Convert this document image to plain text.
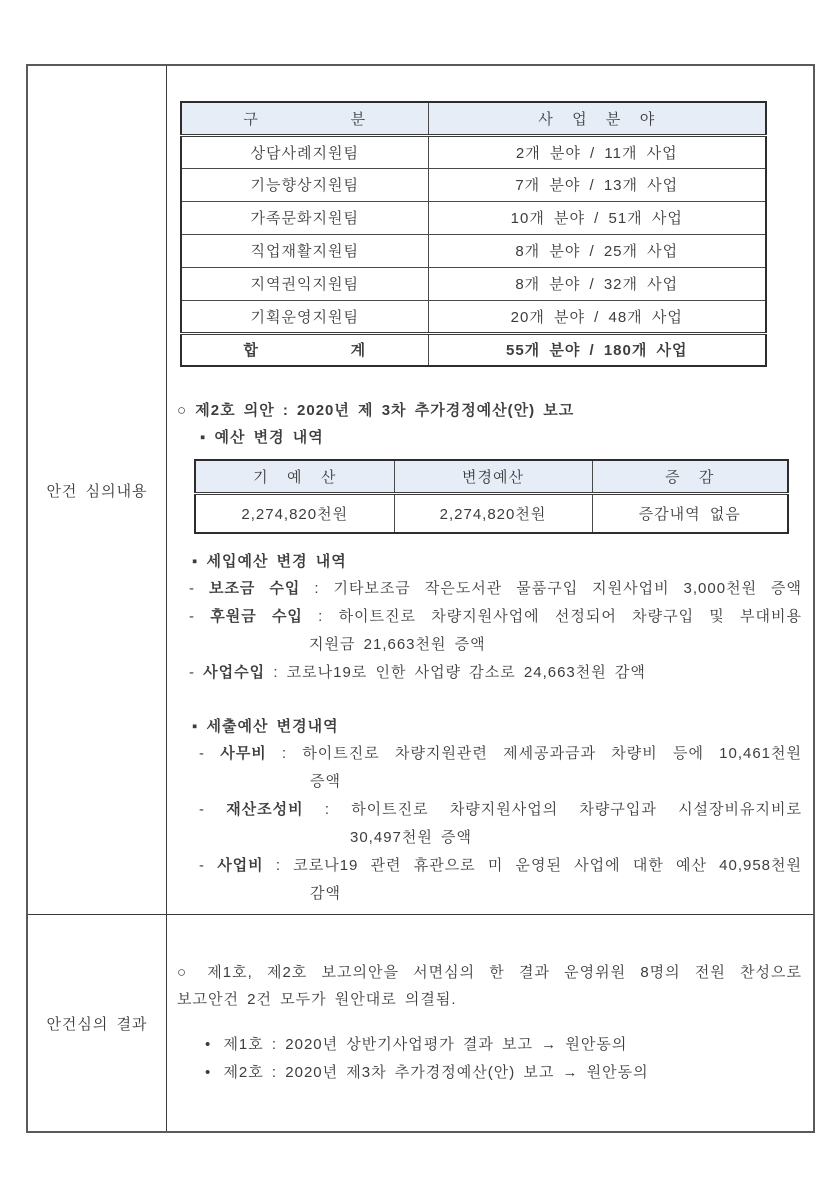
안건 심의내용
구          분	사  업  분  야
상담사례지원팀	2개 분야 / 11개 사업
기능향상지원팀	7개 분야 / 13개 사업
가족문화지원팀	10개 분야 / 51개 사업
직업재활지원팀	8개 분야 / 25개 사업
지역권익지원팀	8개 분야 / 32개 사업
기획운영지원팀	20개 분야 / 48개 사업
합          계	55개 분야 / 180개 사업
○ 제2호 의안 : 2020년 제 3차 추가경정예산(안) 보고
▪ 예산 변경 내역
기  예  산	변경예산	증  감
2,274,820천원	2,274,820천원	증감내역 없음
▪ 세입예산 변경 내역
- 보조금 수입 : 기타보조금 작은도서관 물품구입 지원사업비 3,000천원 증액
- 후원금 수입 : 하이트진로 차량지원사업에 선정되어 차량구입 및 부대비용
지원금 21,663천원 증액
- 사업수입 : 코로나19로 인한 사업량 감소로 24,663천원 감액
▪ 세출예산 변경내역
- 사무비 : 하이트진로 차량지원관련 제세공과금과 차량비 등에 10,461천원
증액
- 재산조성비 : 하이트진로 차량지원사업의 차량구입과 시설장비유지비로
30,497천원 증액
- 사업비 : 코로나19 관련 휴관으로 미 운영된 사업에 대한 예산 40,958천원
감액
안건심의 결과
○ 제1호, 제2호 보고의안을 서면심의 한 결과 운영위원 8명의 전원 찬성으로
보고안건 2건 모두가 원안대로 의결됨.
• 제1호 : 2020년 상반기사업평가 결과 보고 → 원안동의
• 제2호 : 2020년 제3차 추가경정예산(안) 보고 → 원안동의
